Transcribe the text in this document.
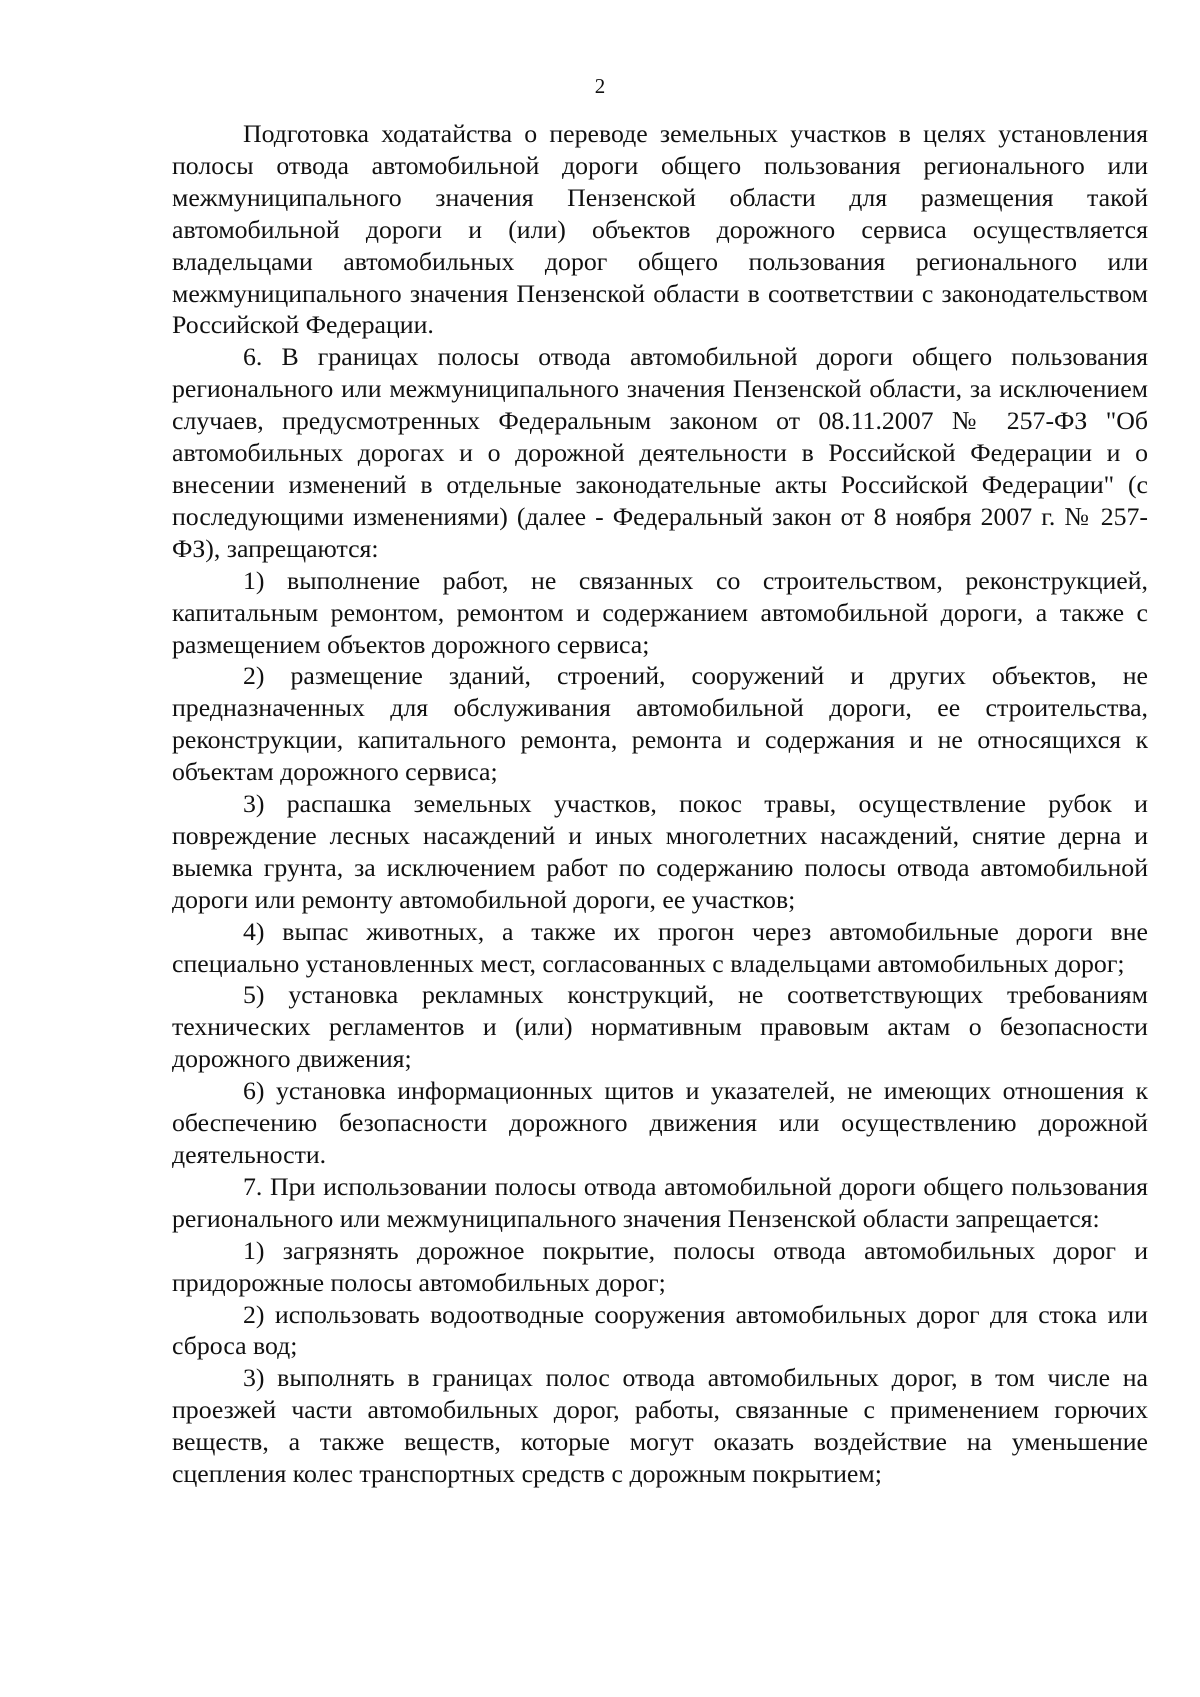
2

Подготовка ходатайства о переводе земельных участков в целях установления полосы отвода автомобильной дороги общего пользования регионального или межмуниципального значения Пензенской области для размещения такой автомобильной дороги и (или) объектов дорожного сервиса осуществляется владельцами автомобильных дорог общего пользования регионального или межмуниципального значения Пензенской области в соответствии с законодательством Российской Федерации.

6. В границах полосы отвода автомобильной дороги общего пользования регионального или межмуниципального значения Пензенской области, за исключением случаев, предусмотренных Федеральным законом от 08.11.2007 № 257-ФЗ "Об автомобильных дорогах и о дорожной деятельности в Российской Федерации и о внесении изменений в отдельные законодательные акты Российской Федерации" (с последующими изменениями) (далее - Федеральный закон от 8 ноября 2007 г. № 257-ФЗ), запрещаются:

1) выполнение работ, не связанных со строительством, реконструкцией, капитальным ремонтом, ремонтом и содержанием автомобильной дороги, а также с размещением объектов дорожного сервиса;

2) размещение зданий, строений, сооружений и других объектов, не предназначенных для обслуживания автомобильной дороги, ее строительства, реконструкции, капитального ремонта, ремонта и содержания и не относящихся к объектам дорожного сервиса;

3) распашка земельных участков, покос травы, осуществление рубок и повреждение лесных насаждений и иных многолетних насаждений, снятие дерна и выемка грунта, за исключением работ по содержанию полосы отвода автомобильной дороги или ремонту автомобильной дороги, ее участков;

4) выпас животных, а также их прогон через автомобильные дороги вне специально установленных мест, согласованных с владельцами автомобильных дорог;

5) установка рекламных конструкций, не соответствующих требованиям технических регламентов и (или) нормативным правовым актам о безопасности дорожного движения;

6) установка информационных щитов и указателей, не имеющих отношения к обеспечению безопасности дорожного движения или осуществлению дорожной деятельности.

7. При использовании полосы отвода автомобильной дороги общего пользования регионального или межмуниципального значения Пензенской области запрещается:

1) загрязнять дорожное покрытие, полосы отвода автомобильных дорог и придорожные полосы автомобильных дорог;

2) использовать водоотводные сооружения автомобильных дорог для стока или сброса вод;

3) выполнять в границах полос отвода автомобильных дорог, в том числе на проезжей части автомобильных дорог, работы, связанные с применением горючих веществ, а также веществ, которые могут оказать воздействие на уменьшение сцепления колес транспортных средств с дорожным покрытием;
